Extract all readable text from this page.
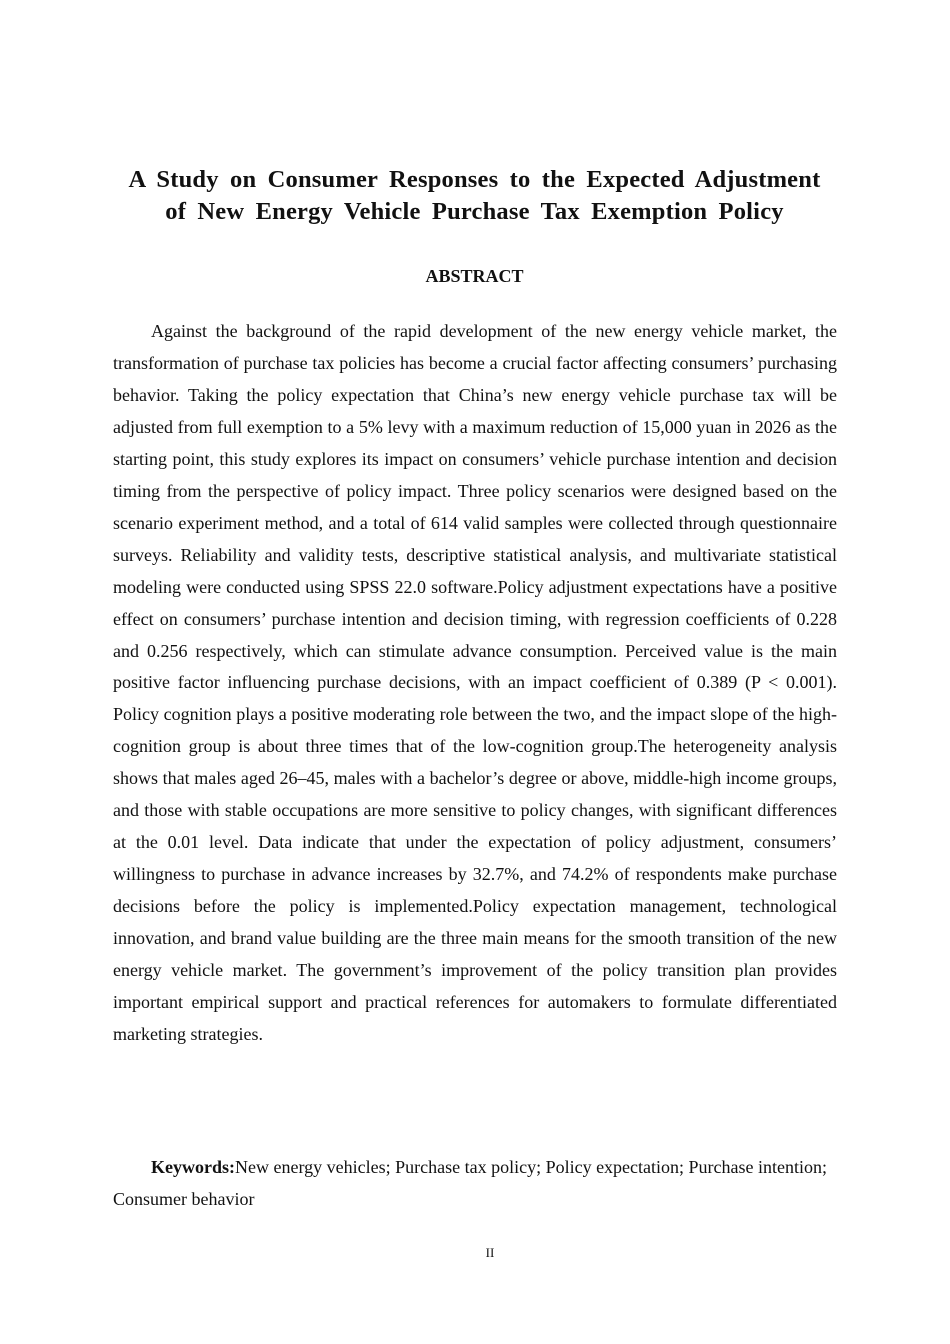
A Study on Consumer Responses to the Expected Adjustment
of New Energy Vehicle Purchase Tax Exemption Policy
ABSTRACT

Against the background of the rapid development of the new energy vehicle market, the transformation of purchase tax policies has become a crucial factor affecting consumers’ purchasing behavior. Taking the policy expectation that China’s new energy vehicle purchase tax will be adjusted from full exemption to a 5% levy with a maximum reduction of 15,000 yuan in 2026 as the starting point, this study explores its impact on consumers’ vehicle purchase intention and decision timing from the perspective of policy impact. Three policy scenarios were designed based on the scenario experiment method, and a total of 614 valid samples were collected through questionnaire surveys. Reliability and validity tests, descriptive statistical analysis, and multivariate statistical modeling were conducted using SPSS 22.0 software.Policy adjustment expectations have a positive effect on consumers’ purchase intention and decision timing, with regression coefficients of 0.228 and 0.256 respectively, which can stimulate advance consumption. Perceived value is the main positive factor influencing purchase decisions, with an impact coefficient of 0.389 (P < 0.001). Policy cognition plays a positive moderating role between the two, and the impact slope of the high-cognition group is about three times that of the low-cognition group.The heterogeneity analysis shows that males aged 26–45, males with a bachelor’s degree or above, middle-high income groups, and those with stable occupations are more sensitive to policy changes, with significant differences at the 0.01 level. Data indicate that under the expectation of policy adjustment, consumers’ willingness to purchase in advance increases by 32.7%, and 74.2% of respondents make purchase decisions before the policy is implemented.Policy expectation management, technological innovation, and brand value building are the three main means for the smooth transition of the new energy vehicle market. The government’s improvement of the policy transition plan provides important empirical support and practical references for automakers to formulate differentiated marketing strategies.

Keywords:New energy vehicles; Purchase tax policy; Policy expectation; Purchase intention; Consumer behavior

II
